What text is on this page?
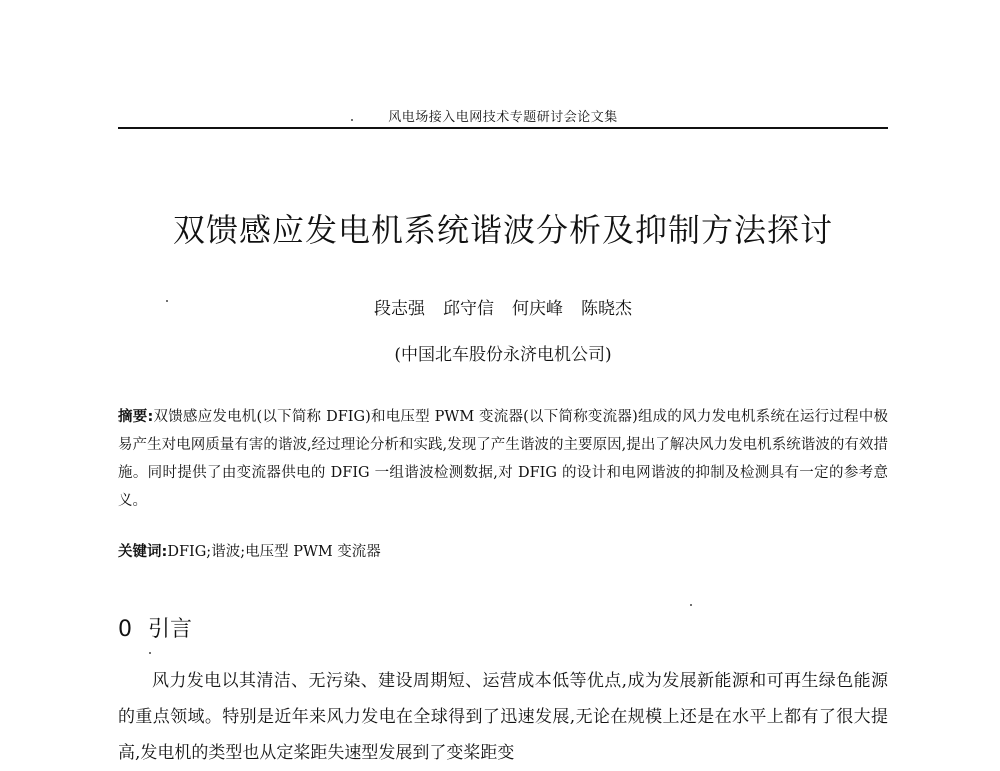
风电场接入电网技术专题研讨会论文集
双馈感应发电机系统谐波分析及抑制方法探讨
段志强 邱守信 何庆峰 陈晓杰
(中国北车股份永济电机公司)
摘要:双馈感应发电机(以下简称 DFIG)和电压型 PWM 变流器(以下简称变流器)组成的风力发电机系统在运行过程中极易产生对电网质量有害的谐波,经过理论分析和实践,发现了产生谐波的主要原因,提出了解决风力发电机系统谐波的有效措施。同时提供了由变流器供电的 DFIG 一组谐波检测数据,对 DFIG 的设计和电网谐波的抑制及检测具有一定的参考意义。
关键词:DFIG;谐波;电压型 PWM 变流器
0 引言
风力发电以其清洁、无污染、建设周期短、运营成本低等优点,成为发展新能源和可再生绿色能源的重点领域。特别是近年来风力发电在全球得到了迅速发展,无论在规模上还是在水平上都有了很大提高,发电机的类型也从定桨距失速型发展到了变桨距变
